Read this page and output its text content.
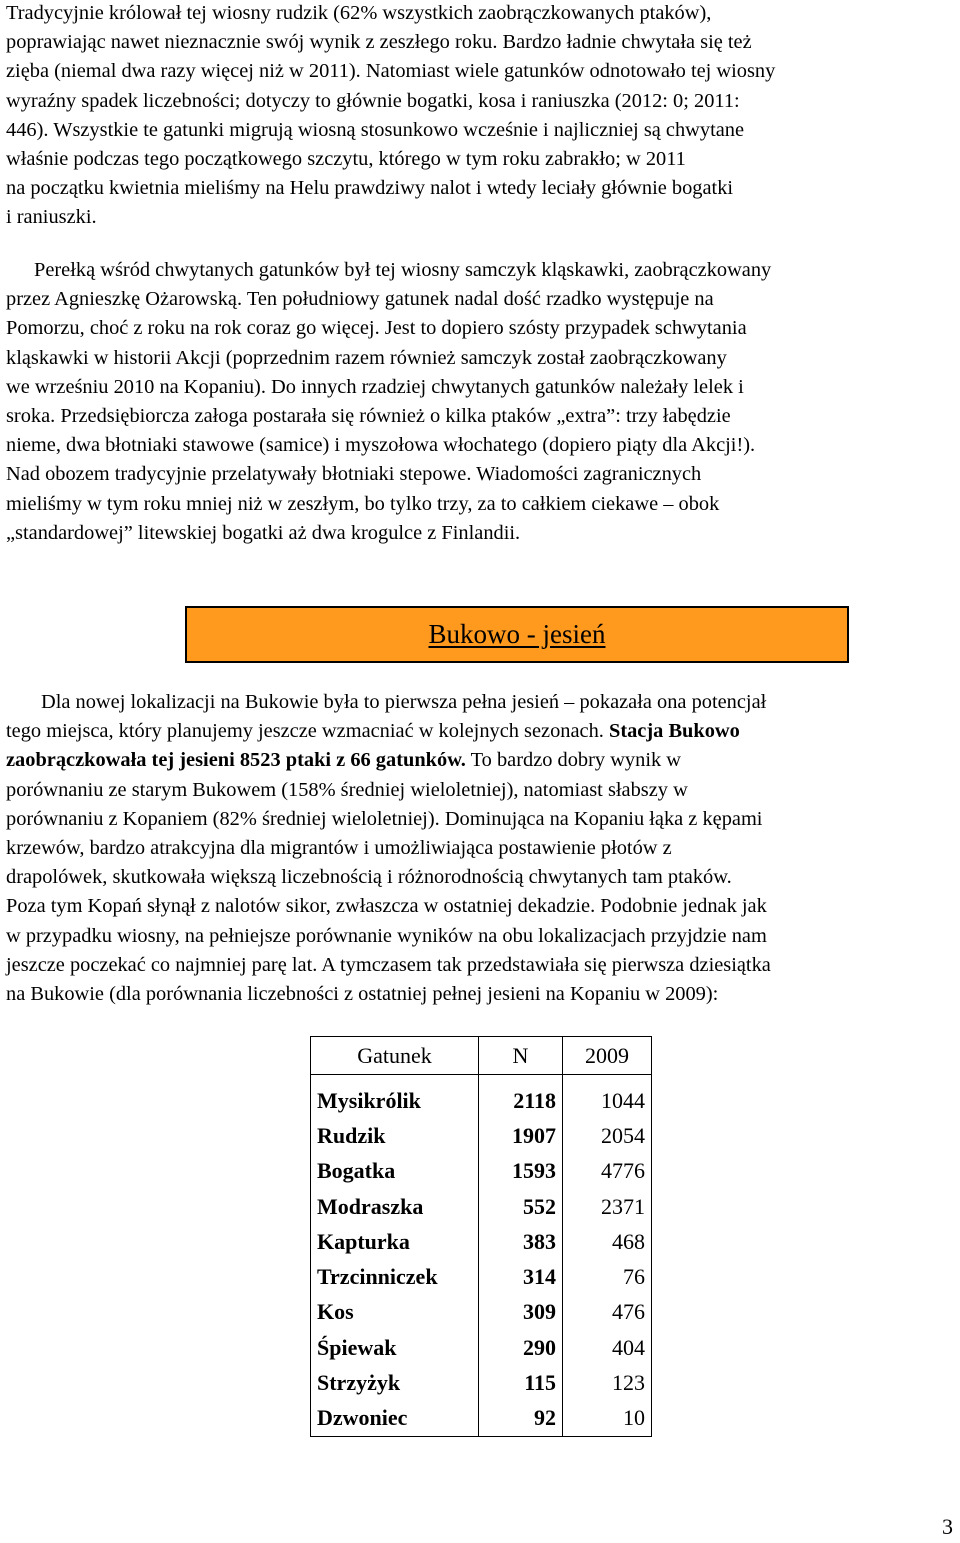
Tradycyjnie królował tej wiosny rudzik (62% wszystkich zaobrączkowanych ptaków),
poprawiając nawet nieznacznie swój wynik z zeszłego roku. Bardzo ładnie chwytała się też
zięba (niemal dwa razy więcej niż w 2011). Natomiast wiele gatunków odnotowało tej wiosny
wyraźny spadek liczebności; dotyczy to głównie bogatki, kosa i raniuszka (2012: 0; 2011:
446). Wszystkie te gatunki migrują wiosną stosunkowo wcześnie i najliczniej są chwytane
właśnie podczas tego początkowego szczytu, którego w tym roku zabrakło; w 2011
na początku kwietnia mieliśmy na Helu prawdziwy nalot i wtedy leciały głównie bogatki
i raniuszki.
Perełką wśród chwytanych gatunków był tej wiosny samczyk kląskawki, zaobrączkowany
przez Agnieszkę Ożarowską. Ten południowy gatunek nadal dość rzadko występuje na
Pomorzu, choć z roku na rok coraz go więcej. Jest to dopiero szósty przypadek schwytania
kląskawki w historii Akcji (poprzednim razem również samczyk został zaobrączkowany
we wrześniu 2010 na Kopaniu). Do innych rzadziej chwytanych gatunków należały lelek i
sroka. Przedsiębiorcza załoga postarała się również o kilka ptaków „extra”: trzy łabędzie
nieme, dwa błotniaki stawowe (samice) i myszołowa włochatego (dopiero piąty dla Akcji!).
Nad obozem tradycyjnie przelatywały błotniaki stepowe. Wiadomości zagranicznych
mieliśmy w tym roku mniej niż w zeszłym, bo tylko trzy, za to całkiem ciekawe – obok
„standardowej” litewskiej bogatki aż dwa krogulce z Finlandii.
Bukowo - jesień
Dla nowej lokalizacji na Bukowie była to pierwsza pełna jesień – pokazała ona potencjał
tego miejsca, który planujemy jeszcze wzmacniać w kolejnych sezonach. Stacja Bukowo
zaobrączkowała tej jesieni 8523 ptaki z 66 gatunków. To bardzo dobry wynik w
porównaniu ze starym Bukowem (158% średniej wieloletniej), natomiast słabszy w
porównaniu z Kopaniem (82% średniej wieloletniej). Dominująca na Kopaniu łąka z kępami
krzewów, bardzo atrakcyjna dla migrantów i umożliwiająca postawienie płotów z
drapolówek, skutkowała większą liczebnością i różnorodnością chwytanych tam ptaków.
Poza tym Kopań słynął z nalotów sikor, zwłaszcza w ostatniej dekadzie. Podobnie jednak jak
w przypadku wiosny, na pełniejsze porównanie wyników na obu lokalizacjach przyjdzie nam
jeszcze poczekać co najmniej parę lat. A tymczasem tak przedstawiała się pierwsza dziesiątka
na Bukowie (dla porównania liczebności z ostatniej pełnej jesieni na Kopaniu w 2009):
Gatunek	N	2009
Mysikrólik	2118	1044
Rudzik	1907	2054
Bogatka	1593	4776
Modraszka	552	2371
Kapturka	383	468
Trzcinniczek	314	76
Kos	309	476
Śpiewak	290	404
Strzyżyk	115	123
Dzwoniec	92	10
3
